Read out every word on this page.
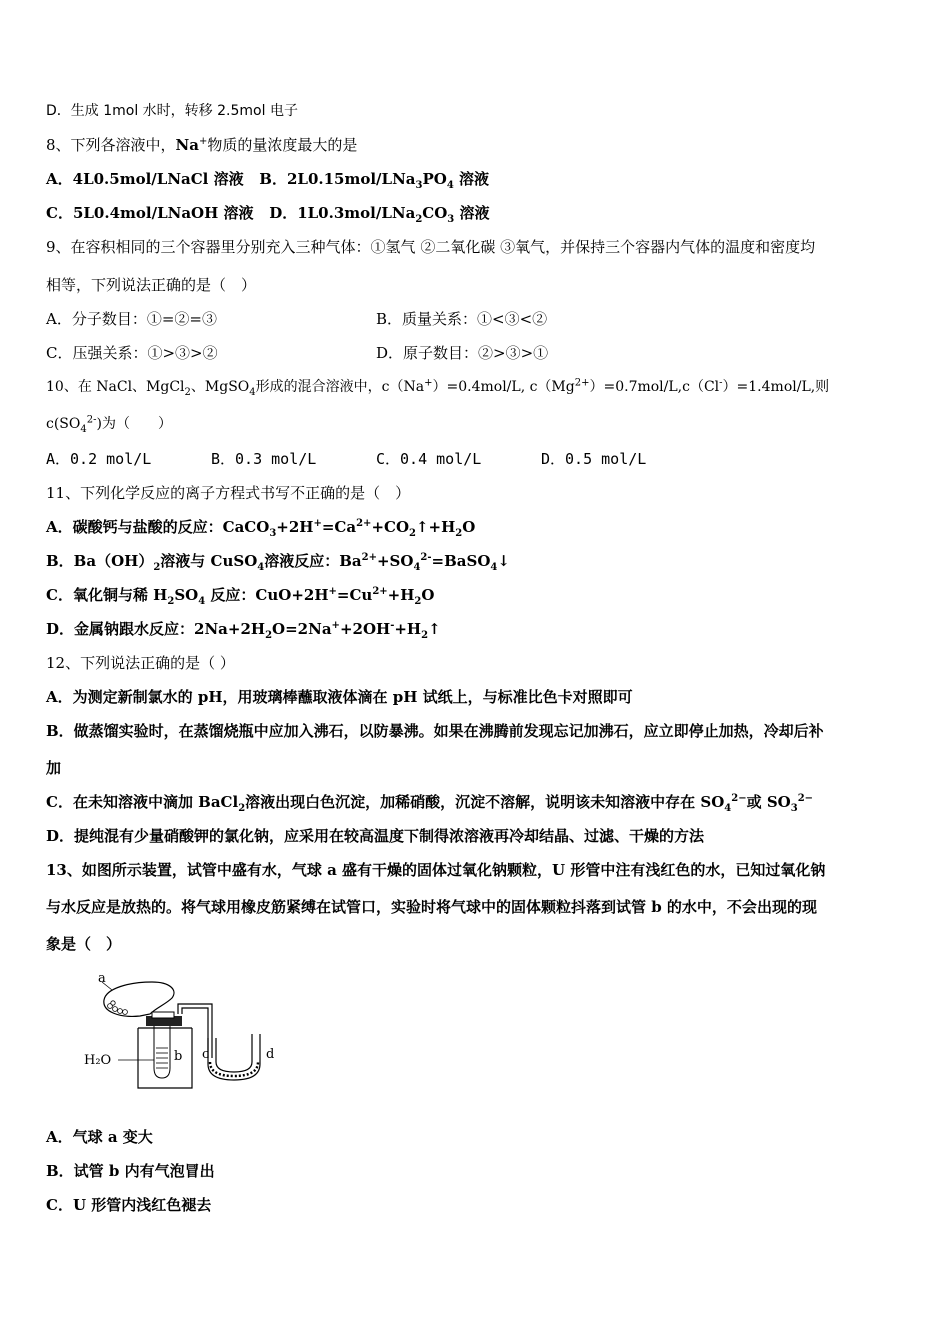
D．生成 1mol 水时，转移 2.5mol 电子
8、下列各溶液中，Na+物质的量浓度最大的是
A．4L0.5mol/LNaCl 溶液 B．$2L0.15mol/LNa_3PO_4$ 溶液
C．5L0.4mol/LNaOH 溶液 D．$1L0.3mol/LNa_2CO_3$ 溶液
9、在容积相同的三个容器里分别充入三种气体：①氢气 ②二氧化碳 ③氧气，并保持三个容器内气体的温度和密度均
相等，下列说法正确的是（　）
A．分子数目：①=②=③	B．质量关系：①<③<②
C．压强关系：①>③>②	D．原子数目：②>③>①
10、在 NaCl、MgCl$_2$、MgSO$_4$形成的混合溶液中，c（Na+）=0.4mol/L, $c(Mg^{2+})=0.7mol/L,c(Cl^-)=1.4mol/L$,则
$c(SO_4^{2-})$为（　　）
A．0.2 mol/L	B．0.3 mol/L	C．0.4 mol/L	D．0.5 mol/L
11、下列化学反应的离子方程式书写不正确的是（　）
A．碳酸钙与盐酸的反应：$CaCO_3+2H^+=Ca^{2+}+CO_2↑+H_2O$
B．$Ba(OH)_2$溶液与 CuSO$_4$溶液反应：$Ba^{2+}+SO_4^{2-}=BaSO_4↓$
C．氧化铜与稀 $H_2SO_4$ 反应：$CuO+2H^+=Cu^{2+}+H_2O$
D．金属钠跟水反应：$2Na+2H_2O=2Na^++2OH^-+H_2↑$
12、下列说法正确的是（ ）
A．为测定新制氯水的 pH，用玻璃棒蘸取液体滴在 pH 试纸上，与标准比色卡对照即可
B．做蒸馏实验时，在蒸馏烧瓶中应加入沸石，以防暴沸。如果在沸腾前发现忘记加沸石，应立即停止加热，冷却后补
加
C．在未知溶液中滴加 BaCl$_2$溶液出现白色沉淀，加稀硝酸，沉淀不溶解，说明该未知溶液中存在 $SO_4^{2-}$或 $SO_3^{2-}$
D．提纯混有少量硝酸钾的氯化钠，应采用在较高温度下制得浓溶液再冷却结晶、过滤、干燥的方法
13、如图所示装置，试管中盛有水，气球 a 盛有干燥的固体过氧化钠颗粒，U 形管中注有浅红色的水，已知过氧化钠
与水反应是放热的。将气球用橡皮筋紧缚在试管口，实验时将气球中的固体颗粒抖落到试管 b 的水中，不会出现的现
象是（　）
a
H₂O	b c	d
A．气球 a 变大
B．试管 b 内有气泡冒出
C．U 形管内浅红色褪去
